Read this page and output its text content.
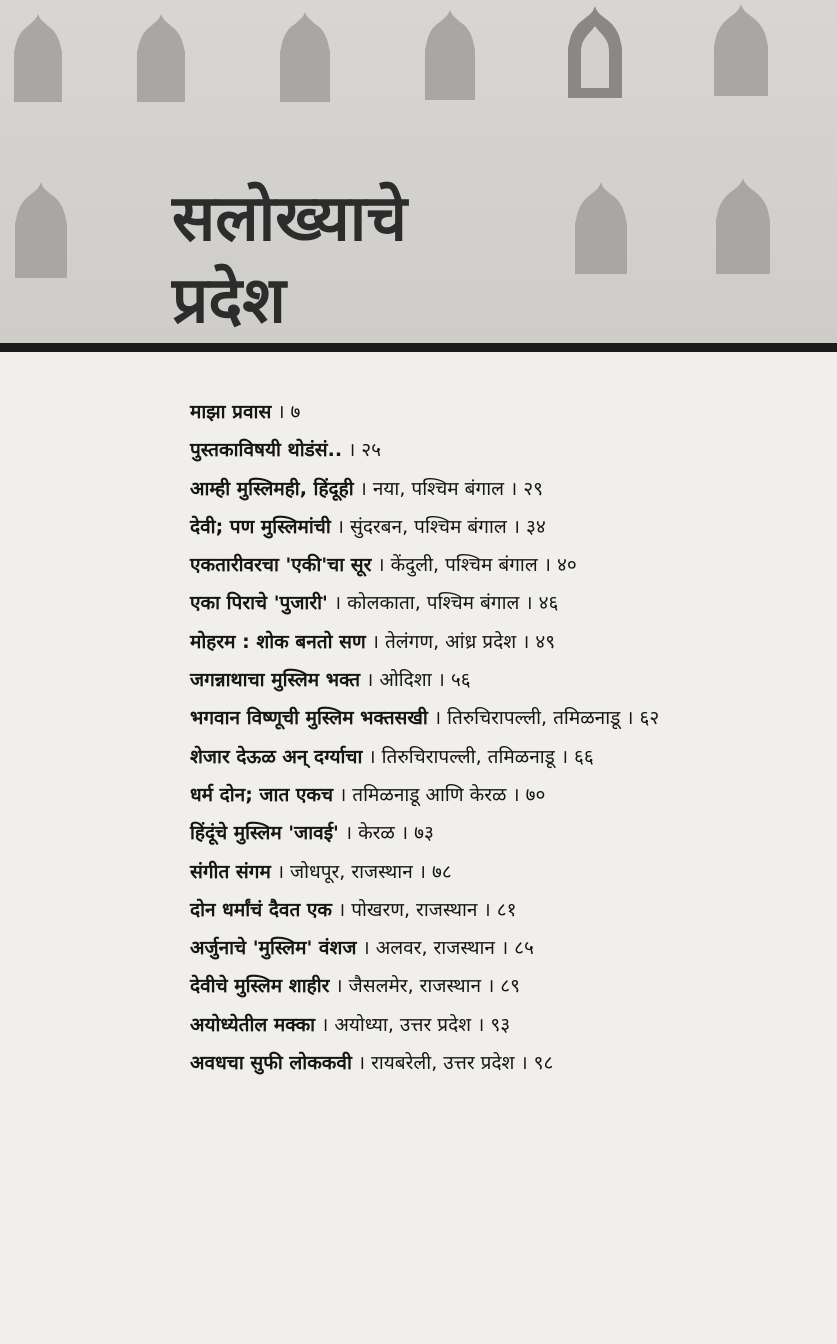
सलोख्याचे
प्रदेश
माझा प्रवास । ७
पुस्तकाविषयी थोडंसं.. । २५
आम्ही मुस्लिमही, हिंदूही । नया, पश्चिम बंगाल । २९
देवी; पण मुस्लिमांची । सुंदरबन, पश्चिम बंगाल । ३४
एकतारीवरचा 'एकी'चा सूर । केंदुली, पश्चिम बंगाल । ४०
एका पिराचे 'पुजारी' । कोलकाता, पश्चिम बंगाल । ४६
मोहरम : शोक बनतो सण । तेलंगण, आंध्र प्रदेश । ४९
जगन्नाथाचा मुस्लिम भक्त । ओदिशा । ५६
भगवान विष्णूची मुस्लिम भक्तसखी । तिरुचिरापल्ली, तमिळनाडू । ६२
शेजार देऊळ अन् दर्ग्याचा । तिरुचिरापल्ली, तमिळनाडू । ६६
धर्म दोन; जात एकच । तमिळनाडू आणि केरळ । ७०
हिंदूंचे मुस्लिम 'जावई' । केरळ । ७३
संगीत संगम । जोधपूर, राजस्थान । ७८
दोन धर्मांचं दैवत एक । पोखरण, राजस्थान । ८१
अर्जुनाचे 'मुस्लिम' वंशज । अलवर, राजस्थान । ८५
देवीचे मुस्लिम शाहीर । जैसलमेर, राजस्थान । ८९
अयोध्येतील मक्का । अयोध्या, उत्तर प्रदेश । ९३
अवधचा सुफी लोककवी । रायबरेली, उत्तर प्रदेश । ९८
